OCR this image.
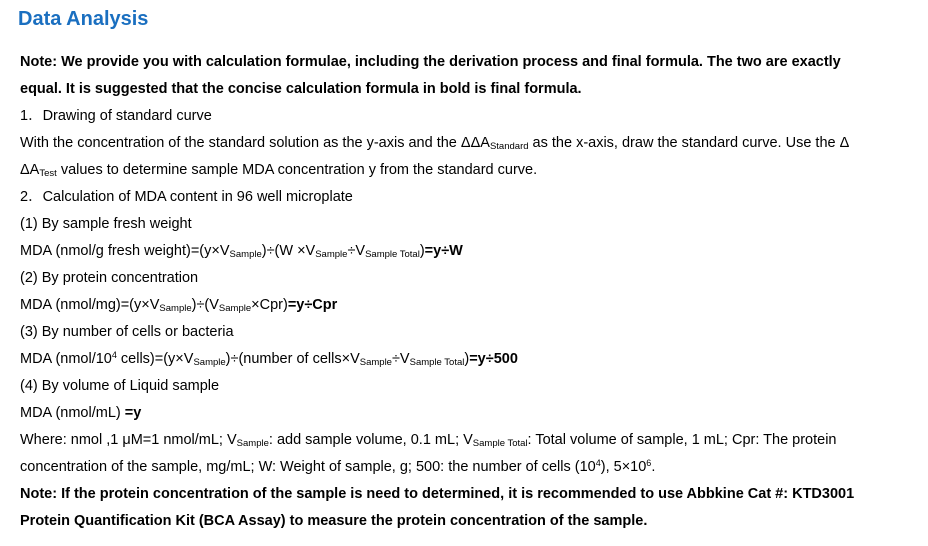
Data Analysis
Note: We provide you with calculation formulae, including the derivation process and final formula. The two are exactly
equal. It is suggested that the concise calculation formula in bold is final formula.
1．Drawing of standard curve
With the concentration of the standard solution as the y-axis and the $\Delta\Delta A_{Standard}$ as the x-axis, draw the standard curve. Use the Δ
$\Delta A_{Test}$ values to determine sample MDA concentration y from the standard curve.
2．Calculation of MDA content in 96 well microplate
(1) By sample fresh weight
MDA (nmol/g fresh $weight)=(y\times V_{Sample})\div(W \times V_{Sample}\div V_{Sample Total})=y\div W$
(2) By protein concentration
MDA $(nmol/mg)=(y\times V_{Sample})\div(V_{Sample}\times Cpr)=y\div Cpr$
(3) By number of cells or bacteria
MDA ($nmol/10^4$ $cells)=(y\times V_{Sample})\div(number$ of $cells\times V_{Sample}\div V_{Sample Total})=y\div 500$
(4) By volume of Liquid sample
MDA (nmol/mL) =y
Where: nmol ,1 μM=1 nmol/mL; $V_{Sample}$: add sample volume, 0.1 mL; $V_{Sample Total}$: Total volume of sample, 1 mL; Cpr: The protein
concentration of the sample, mg/mL; W: Weight of sample, g; 500: the number of cells $(10^4)$, $5\times 10^6$.
Note: If the protein concentration of the sample is need to determined, it is recommended to use Abbkine Cat #: KTD3001
Protein Quantification Kit (BCA Assay) to measure the protein concentration of the sample.
